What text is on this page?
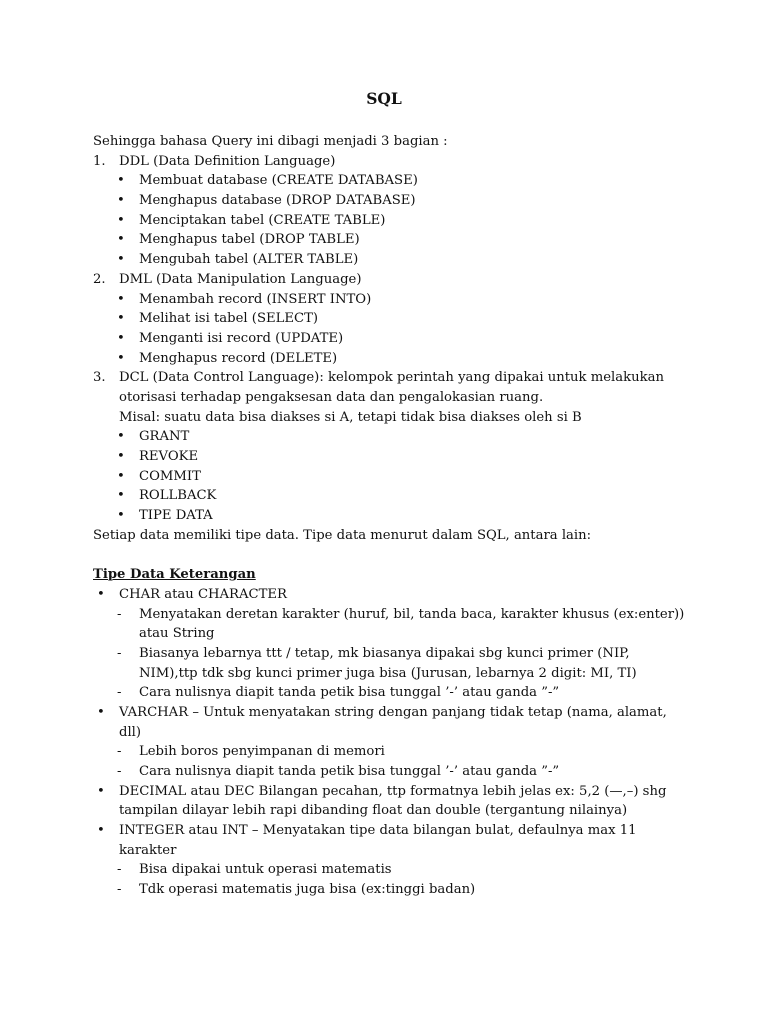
SQL
Sehingga bahasa Query ini dibagi menjadi 3 bagian :
1.	DDL (Data Definition Language)
• Membuat database (CREATE DATABASE)
• Menghapus database (DROP DATABASE)
• Menciptakan tabel (CREATE TABLE)
• Menghapus tabel (DROP TABLE)
• Mengubah tabel (ALTER TABLE)
2.	DML (Data Manipulation Language)
• Menambah record (INSERT INTO)
• Melihat isi tabel (SELECT)
• Menganti isi record (UPDATE)
• Menghapus record (DELETE)
3.	DCL (Data Control Language): kelompok perintah yang dipakai untuk melakukan
otorisasi terhadap pengaksesan data dan pengalokasian ruang.
Misal: suatu data bisa diakses si A, tetapi tidak bisa diakses oleh si B
• GRANT
• REVOKE
• COMMIT
• ROLLBACK
• TIPE DATA
Setiap data memiliki tipe data. Tipe data menurut dalam SQL, antara lain:
Tipe Data Keterangan
• CHAR atau CHARACTER
- Menyatakan deretan karakter (huruf, bil, tanda baca, karakter khusus (ex:enter))
atau String
- Biasanya lebarnya ttt / tetap, mk biasanya dipakai sbg kunci primer (NIP,
NIM),ttp tdk sbg kunci primer juga bisa (Jurusan, lebarnya 2 digit: MI, TI)
- Cara nulisnya diapit tanda petik bisa tunggal ’-’ atau ganda ”-”
• VARCHAR – Untuk menyatakan string dengan panjang tidak tetap (nama, alamat,
dll)
- Lebih boros penyimpanan di memori
- Cara nulisnya diapit tanda petik bisa tunggal ’-’ atau ganda ”-”
• DECIMAL atau DEC Bilangan pecahan, ttp formatnya lebih jelas ex: 5,2 (—,–) shg
tampilan dilayar lebih rapi dibanding float dan double (tergantung nilainya)
• INTEGER atau INT – Menyatakan tipe data bilangan bulat, defaulnya max 11
karakter
- Bisa dipakai untuk operasi matematis
- Tdk operasi matematis juga bisa (ex:tinggi badan)
